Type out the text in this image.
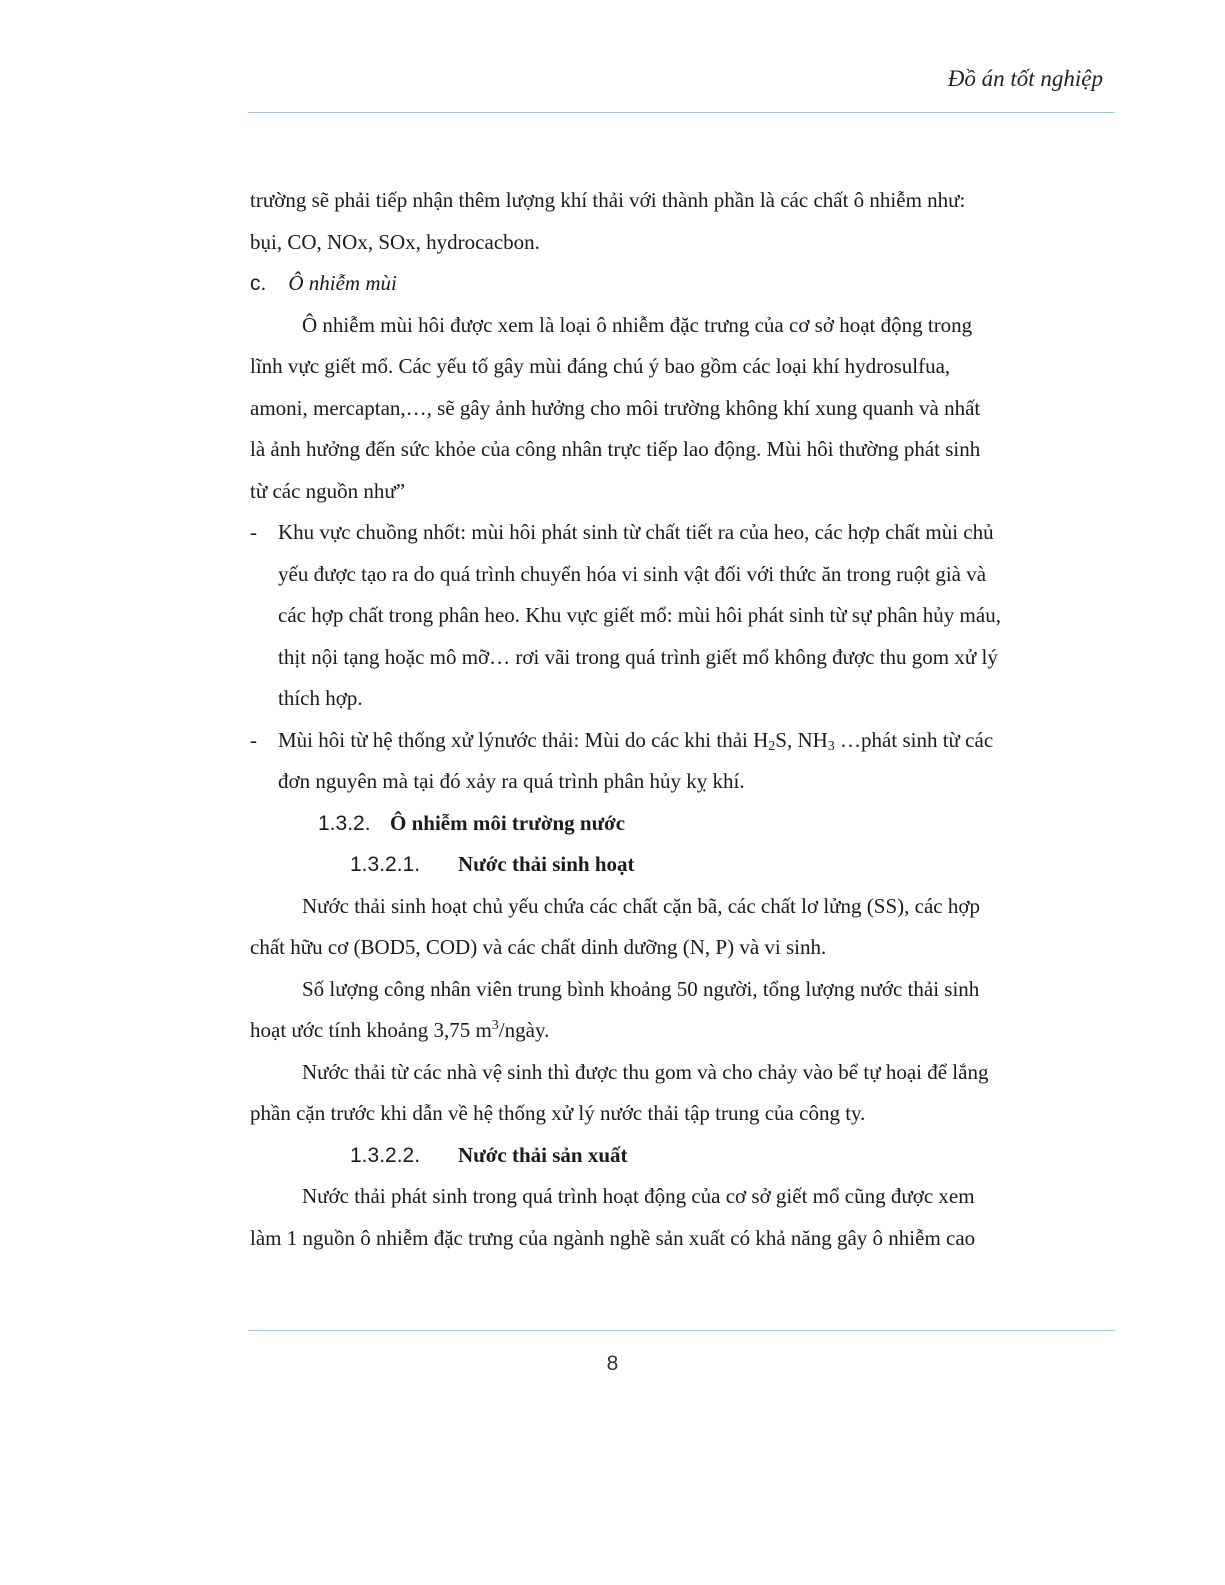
Đồ án tốt nghiệp
trường sẽ phải tiếp nhận thêm lượng khí thải với thành phần là các chất ô nhiễm như:
bụi, CO, NOx, SOx, hydrocacbon.
c. Ô nhiễm mùi
Ô nhiễm mùi hôi được xem là loại ô nhiễm đặc trưng của cơ sở hoạt động trong
lĩnh vực giết mổ. Các yếu tố gây mùi đáng chú ý bao gồm các loại khí hydrosulfua,
amoni, mercaptan,…, sẽ gây ảnh hưởng cho môi trường không khí xung quanh và nhất
là ảnh hưởng đến sức khỏe của công nhân trực tiếp lao động. Mùi hôi thường phát sinh
từ các nguồn như”
-	Khu vực chuồng nhốt: mùi hôi phát sinh từ chất tiết ra của heo, các hợp chất mùi chủ
yếu được tạo ra do quá trình chuyển hóa vi sinh vật đối với thức ăn trong ruột già và
các hợp chất trong phân heo. Khu vực giết mổ: mùi hôi phát sinh từ sự phân hủy máu,
thịt nội tạng hoặc mô mỡ… rơi vãi trong quá trình giết mổ không được thu gom xử lý
thích hợp.
-	Mùi hôi từ hệ thống xử lýnước thải: Mùi do các khi thải $H_2S$, $NH_3$ …phát sinh từ các
đơn nguyên mà tại đó xảy ra quá trình phân hủy kỵ khí.
1.3.2. Ô nhiễm môi trường nước
1.3.2.1. Nước thải sinh hoạt
Nước thải sinh hoạt chủ yếu chứa các chất cặn bã, các chất lơ lửng (SS), các hợp
chất hữu cơ (BOD5, COD) và các chất dinh dưỡng (N, P) và vi sinh.
Số lượng công nhân viên trung bình khoảng 50 người, tổng lượng nước thải sinh
hoạt ước tính khoảng 3,75 $m^3$/ngày.
Nước thải từ các nhà vệ sinh thì được thu gom và cho chảy vào bể tự hoại để lắng
phần cặn trước khi dẫn về hệ thống xử lý nước thải tập trung của công ty.
1.3.2.2. Nước thải sản xuất
Nước thải phát sinh trong quá trình hoạt động của cơ sở giết mổ cũng được xem
làm 1 nguồn ô nhiễm đặc trưng của ngành nghề sản xuất có khả năng gây ô nhiễm cao
8
